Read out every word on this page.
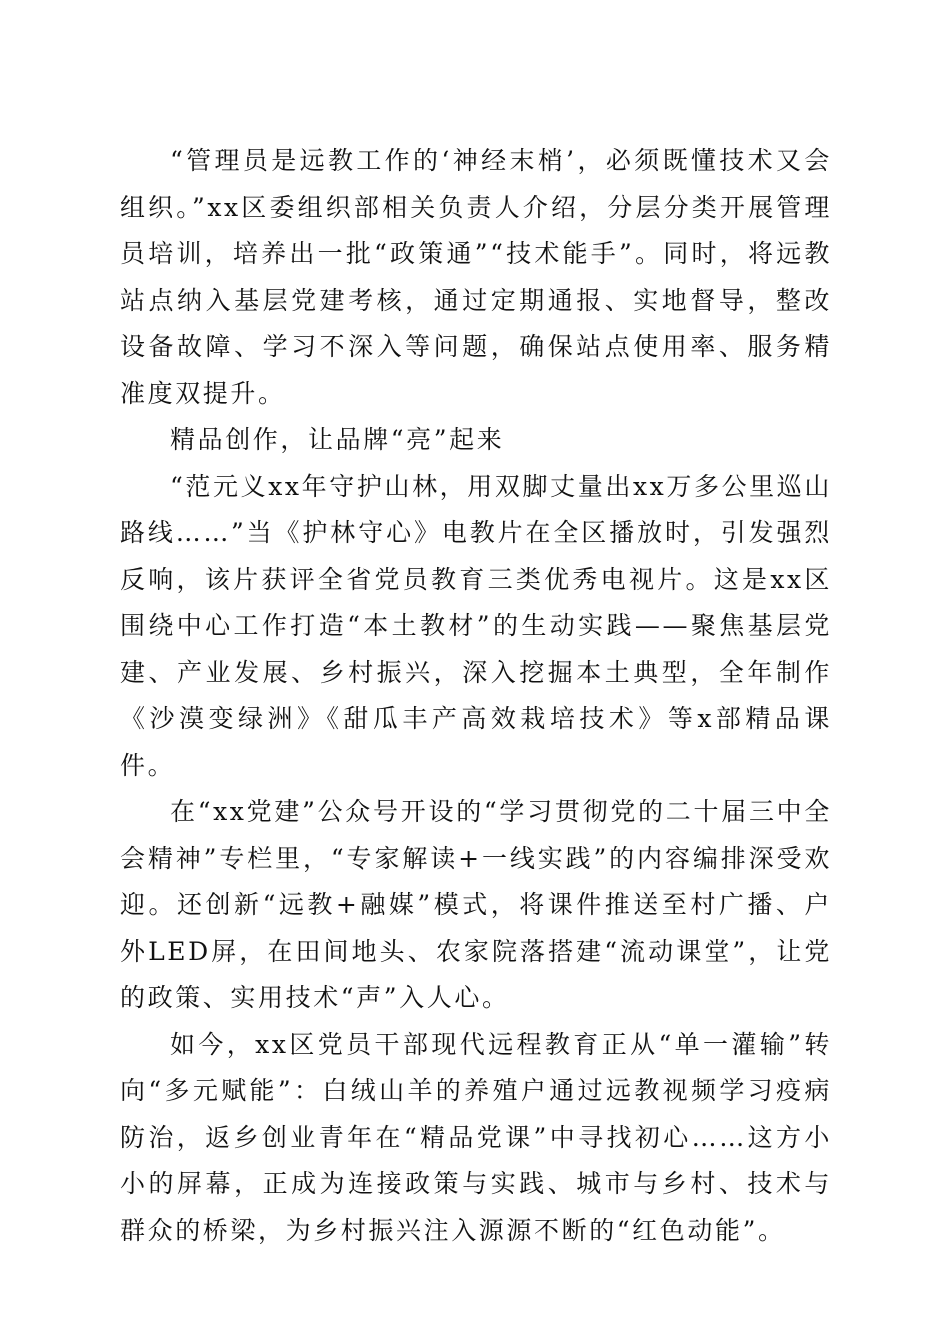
“管理员是远教工作的‘神经末梢’，必须既懂技术又会组织。”xx区委组织部相关负责人介绍，分层分类开展管理员培训，培养出一批“政策通”“技术能手”。同时，将远教站点纳入基层党建考核，通过定期通报、实地督导，整改设备故障、学习不深入等问题，确保站点使用率、服务精准度双提升。

精品创作，让品牌“亮”起来

“范元义xx年守护山林，用双脚丈量出xx万多公里巡山路线……”当《护林守心》电教片在全区播放时，引发强烈反响，该片获评全省党员教育三类优秀电视片。这是xx区围绕中心工作打造“本土教材”的生动实践——聚焦基层党建、产业发展、乡村振兴，深入挖掘本土典型，全年制作《沙漠变绿洲》《甜瓜丰产高效栽培技术》等x部精品课件。

在“xx党建”公众号开设的“学习贯彻党的二十届三中全会精神”专栏里，“专家解读+一线实践”的内容编排深受欢迎。还创新“远教+融媒”模式，将课件推送至村广播、户外LED屏，在田间地头、农家院落搭建“流动课堂”，让党的政策、实用技术“声”入人心。

如今，xx区党员干部现代远程教育正从“单一灌输”转向“多元赋能”：白绒山羊的养殖户通过远教视频学习疫病防治，返乡创业青年在“精品党课”中寻找初心……这方小小的屏幕，正成为连接政策与实践、城市与乡村、技术与群众的桥梁，为乡村振兴注入源源不断的“红色动能”。
